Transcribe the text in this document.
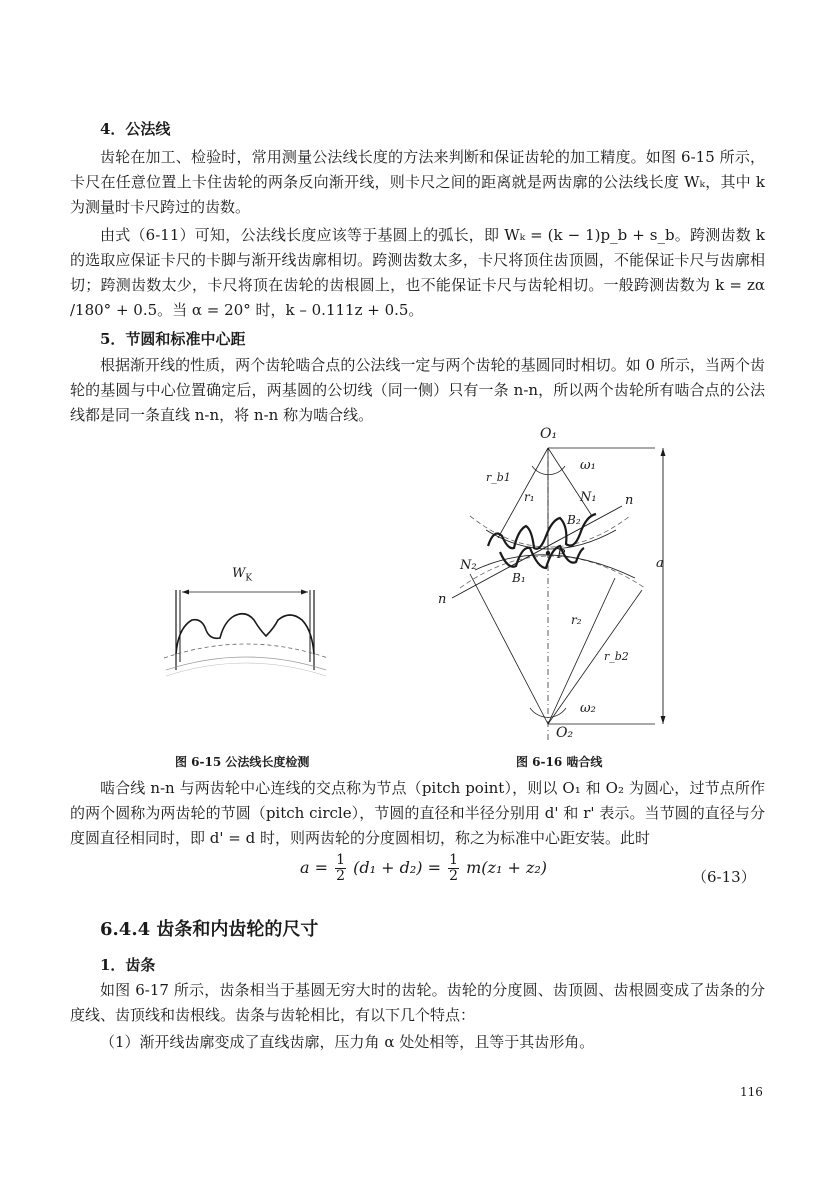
4．公法线

齿轮在加工、检验时，常用测量公法线长度的方法来判断和保证齿轮的加工精度。如图 6-15 所示，卡尺在任意位置上卡住齿轮的两条反向渐开线，则卡尺之间的距离就是两齿廓的公法线长度 Wₖ，其中 k 为测量时卡尺跨过的齿数。

由式（6-11）可知，公法线长度应该等于基圆上的弧长，即 Wₖ = (k − 1)p_b + s_b。跨测齿数 k 的选取应保证卡尺的卡脚与渐开线齿廓相切。跨测齿数太多，卡尺将顶住齿顶圆，不能保证卡尺与齿廓相切；跨测齿数太少，卡尺将顶在齿轮的齿根圆上，也不能保证卡尺与齿轮相切。一般跨测齿数为 k = zα /180° + 0.5。当 α = 20° 时，k – 0.111z + 0.5。

5．节圆和标准中心距

根据渐开线的性质，两个齿轮啮合点的公法线一定与两个齿轮的基圆同时相切。如 0 所示，当两个齿轮的基圆与中心位置确定后，两基圆的公切线（同一侧）只有一条 n-n，所以两个齿轮所有啮合点的公法线都是同一条直线 n-n，将 n-n 称为啮合线。

$W_K$

图 6-15 公法线长度检测

O₁
ω₁
r_b1
r₁	N₁ n
B₂
P
N₂
B₁
a
n
r₂
r_b2
ω₂
O₂

图 6-16 啮合线

啮合线 n-n 与两齿轮中心连线的交点称为节点（pitch point），则以 O₁ 和 O₂ 为圆心，过节点所作的两个圆称为两齿轮的节圆（pitch circle），节圆的直径和半径分别用 d' 和 r' 表示。当节圆的直径与分度圆直径相同时，即 d' = d 时，则两齿轮的分度圆相切，称之为标准中心距安装。此时

$a = \frac{1}{2} (d_1 + d_2) = \frac{1}{2} m(z_1 + z_2)$	（6-13）

6.4.4 齿条和内齿轮的尺寸

1．齿条

如图 6-17 所示，齿条相当于基圆无穷大时的齿轮。齿轮的分度圆、齿顶圆、齿根圆变成了齿条的分度线、齿顶线和齿根线。齿条与齿轮相比，有以下几个特点：

（1）渐开线齿廓变成了直线齿廓，压力角 α 处处相等，且等于其齿形角。

116
